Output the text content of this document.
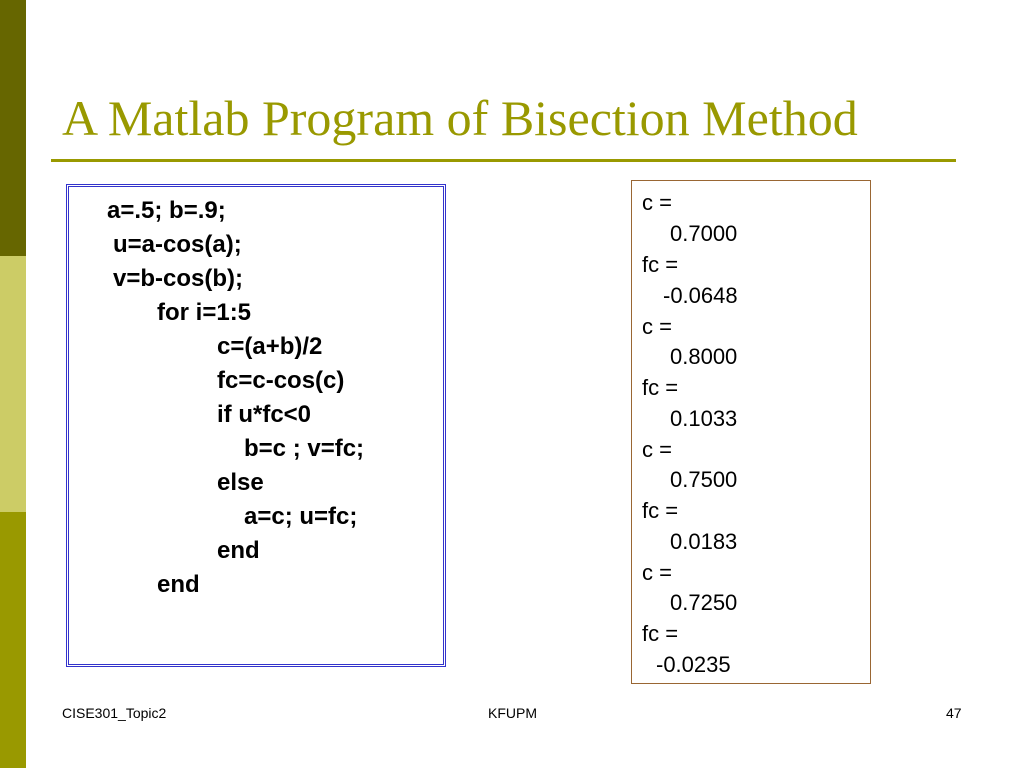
A Matlab Program of Bisection Method
a=.5; b=.9;
u=a-cos(a);
v=b-cos(b);
for i=1:5
c=(a+b)/2
fc=c-cos(c)
if u*fc<0
b=c ; v=fc;
else
a=c; u=fc;
end
end
c =
0.7000
fc =
-0.0648
c =
0.8000
fc =
0.1033
c =
0.7500
fc =
0.0183
c =
0.7250
fc =
-0.0235
CISE301_Topic2	KFUPM	47
